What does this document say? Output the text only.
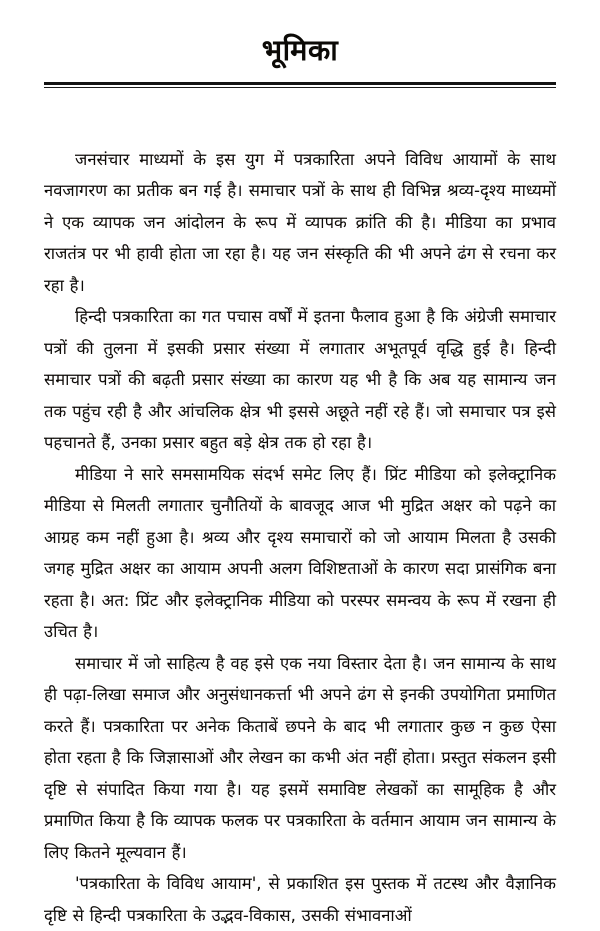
भूमिका

जनसंचार माध्यमों के इस युग में पत्रकारिता अपने विविध आयामों के साथ नवजागरण का प्रतीक बन गई है। समाचार पत्रों के साथ ही विभिन्न श्रव्य-दृश्य माध्यमों ने एक व्यापक जन आंदोलन के रूप में व्यापक क्रांति की है। मीडिया का प्रभाव राजतंत्र पर भी हावी होता जा रहा है। यह जन संस्कृति की भी अपने ढंग से रचना कर रहा है।

हिन्दी पत्रकारिता का गत पचास वर्षों में इतना फैलाव हुआ है कि अंग्रेजी समाचार पत्रों की तुलना में इसकी प्रसार संख्या में लगातार अभूतपूर्व वृद्धि हुई है। हिन्दी समाचार पत्रों की बढ़ती प्रसार संख्या का कारण यह भी है कि अब यह सामान्य जन तक पहुंच रही है और आंचलिक क्षेत्र भी इससे अछूते नहीं रहे हैं। जो समाचार पत्र इसे पहचानते हैं, उनका प्रसार बहुत बड़े क्षेत्र तक हो रहा है।

मीडिया ने सारे समसामयिक संदर्भ समेट लिए हैं। प्रिंट मीडिया को इलेक्ट्रानिक मीडिया से मिलती लगातार चुनौतियों के बावजूद आज भी मुद्रित अक्षर को पढ़ने का आग्रह कम नहीं हुआ है। श्रव्य और दृश्य समाचारों को जो आयाम मिलता है उसकी जगह मुद्रित अक्षर का आयाम अपनी अलग विशिष्टताओं के कारण सदा प्रासंगिक बना रहता है। अत: प्रिंट और इलेक्ट्रानिक मीडिया को परस्पर समन्वय के रूप में रखना ही उचित है।

समाचार में जो साहित्य है वह इसे एक नया विस्तार देता है। जन सामान्य के साथ ही पढ़ा-लिखा समाज और अनुसंधानकर्त्ता भी अपने ढंग से इनकी उपयोगिता प्रमाणित करते हैं। पत्रकारिता पर अनेक किताबें छपने के बाद भी लगातार कुछ न कुछ ऐसा होता रहता है कि जिज्ञासाओं और लेखन का कभी अंत नहीं होता। प्रस्तुत संकलन इसी दृष्टि से संपादित किया गया है। यह इसमें समाविष्ट लेखकों का सामूहिक है और प्रमाणित किया है कि व्यापक फलक पर पत्रकारिता के वर्तमान आयाम जन सामान्य के लिए कितने मूल्यवान हैं।

'पत्रकारिता के विविध आयाम', से प्रकाशित इस पुस्तक में तटस्थ और वैज्ञानिक दृष्टि से हिन्दी पत्रकारिता के उद्भव-विकास, उसकी संभावनाओं
